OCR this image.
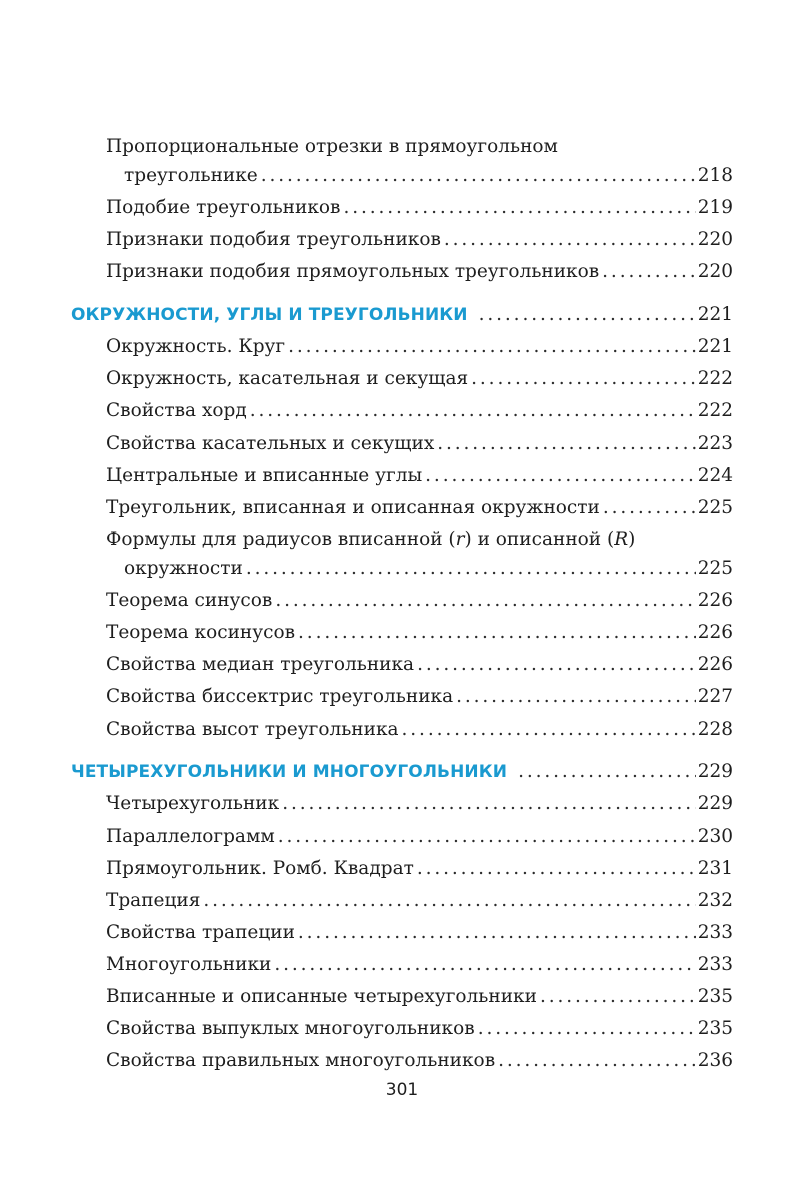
Пропорциональные отрезки в прямоугольном
треугольнике . . .	218
Подобие треугольников . . .	219
Признаки подобия треугольников . . .	220
Признаки подобия прямоугольных треугольников . . .	220
ОКРУЖНОСТИ, УГЛЫ И ТРЕУГОЛЬНИКИ . . .	221
Окружность. Круг . . .	221
Окружность, касательная и секущая . . .	222
Свойства хорд . . .	222
Свойства касательных и секущих . . .	223
Центральные и вписанные углы . . .	224
Треугольник, вписанная и описанная окружности . . .	225
Формулы для радиусов вписанной (r) и описанной (R)
окружности . . .	225
Теорема синусов . . .	226
Теорема косинусов . . .	226
Свойства медиан треугольника . . .	226
Свойства биссектрис треугольника . . .	227
Свойства высот треугольника . . .	228
ЧЕТЫРЕХУГОЛЬНИКИ И МНОГОУГОЛЬНИКИ . . .	229
Четырехугольник . . .	229
Параллелограмм . . .	230
Прямоугольник. Ромб. Квадрат . . .	231
Трапеция . . .	232
Свойства трапеции . . .	233
Многоугольники . . .	233
Вписанные и описанные четырехугольники . . .	235
Свойства выпуклых многоугольников . . .	235
Свойства правильных многоугольников . . .	236
301
